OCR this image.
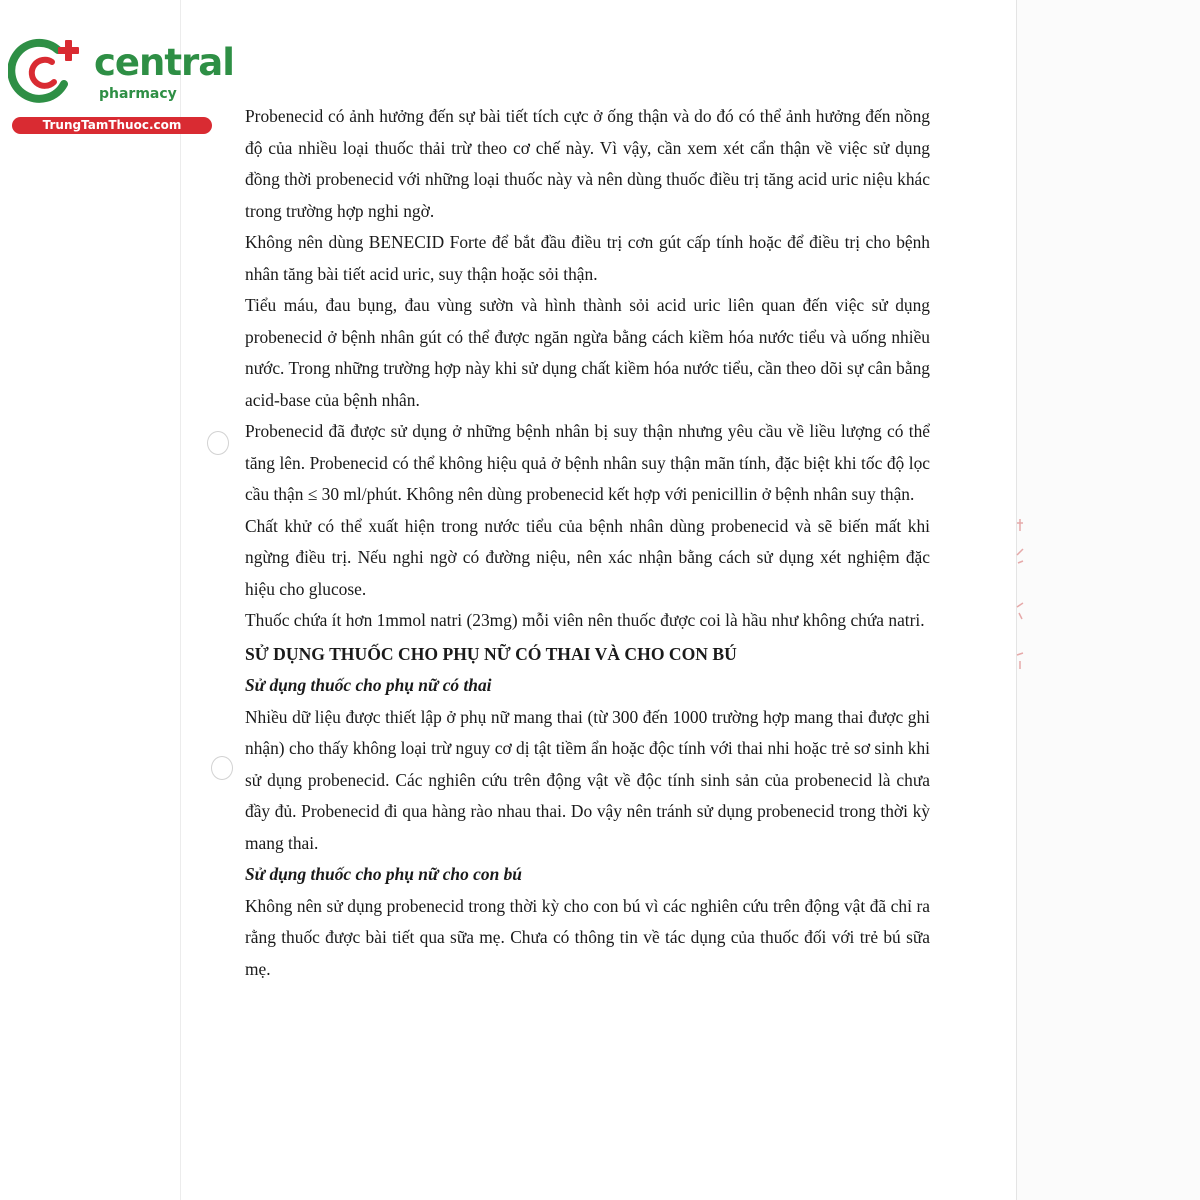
central
pharmacy
TrungTamThuoc.com	Probenecid có ảnh hưởng đến sự bài tiết tích cực ở ống thận và do đó có thể ảnh hưởng đến nồng độ của nhiều loại thuốc thải trừ theo cơ chế này. Vì vậy, cần xem xét cẩn thận về việc sử dụng đồng thời probenecid với những loại thuốc này và nên dùng thuốc điều trị tăng acid uric niệu khác trong trường hợp nghi ngờ.

Không nên dùng BENECID Forte để bắt đầu điều trị cơn gút cấp tính hoặc để điều trị cho bệnh nhân tăng bài tiết acid uric, suy thận hoặc sỏi thận.

Tiểu máu, đau bụng, đau vùng sườn và hình thành sỏi acid uric liên quan đến việc sử dụng probenecid ở bệnh nhân gút có thể được ngăn ngừa bằng cách kiềm hóa nước tiểu và uống nhiều nước. Trong những trường hợp này khi sử dụng chất kiềm hóa nước tiểu, cần theo dõi sự cân bằng acid-base của bệnh nhân.

Probenecid đã được sử dụng ở những bệnh nhân bị suy thận nhưng yêu cầu về liều lượng có thể tăng lên. Probenecid có thể không hiệu quả ở bệnh nhân suy thận mãn tính, đặc biệt khi tốc độ lọc cầu thận ≤ 30 ml/phút. Không nên dùng probenecid kết hợp với penicillin ở bệnh nhân suy thận.

Chất khử có thể xuất hiện trong nước tiểu của bệnh nhân dùng probenecid và sẽ biến mất khi ngừng điều trị. Nếu nghi ngờ có đường niệu, nên xác nhận bằng cách sử dụng xét nghiệm đặc hiệu cho glucose.

Thuốc chứa ít hơn 1mmol natri (23mg) mỗi viên nên thuốc được coi là hầu như không chứa natri.

SỬ DỤNG THUỐC CHO PHỤ NỮ CÓ THAI VÀ CHO CON BÚ
Sử dụng thuốc cho phụ nữ có thai

Nhiều dữ liệu được thiết lập ở phụ nữ mang thai (từ 300 đến 1000 trường hợp mang thai được ghi nhận) cho thấy không loại trừ nguy cơ dị tật tiềm ẩn hoặc độc tính với thai nhi hoặc trẻ sơ sinh khi sử dụng probenecid. Các nghiên cứu trên động vật về độc tính sinh sản của probenecid là chưa đầy đủ. Probenecid đi qua hàng rào nhau thai. Do vậy nên tránh sử dụng probenecid trong thời kỳ mang thai.

Sử dụng thuốc cho phụ nữ cho con bú

Không nên sử dụng probenecid trong thời kỳ cho con bú vì các nghiên cứu trên động vật đã chỉ ra rằng thuốc được bài tiết qua sữa mẹ. Chưa có thông tin về tác dụng của thuốc đối với trẻ bú sữa mẹ.
